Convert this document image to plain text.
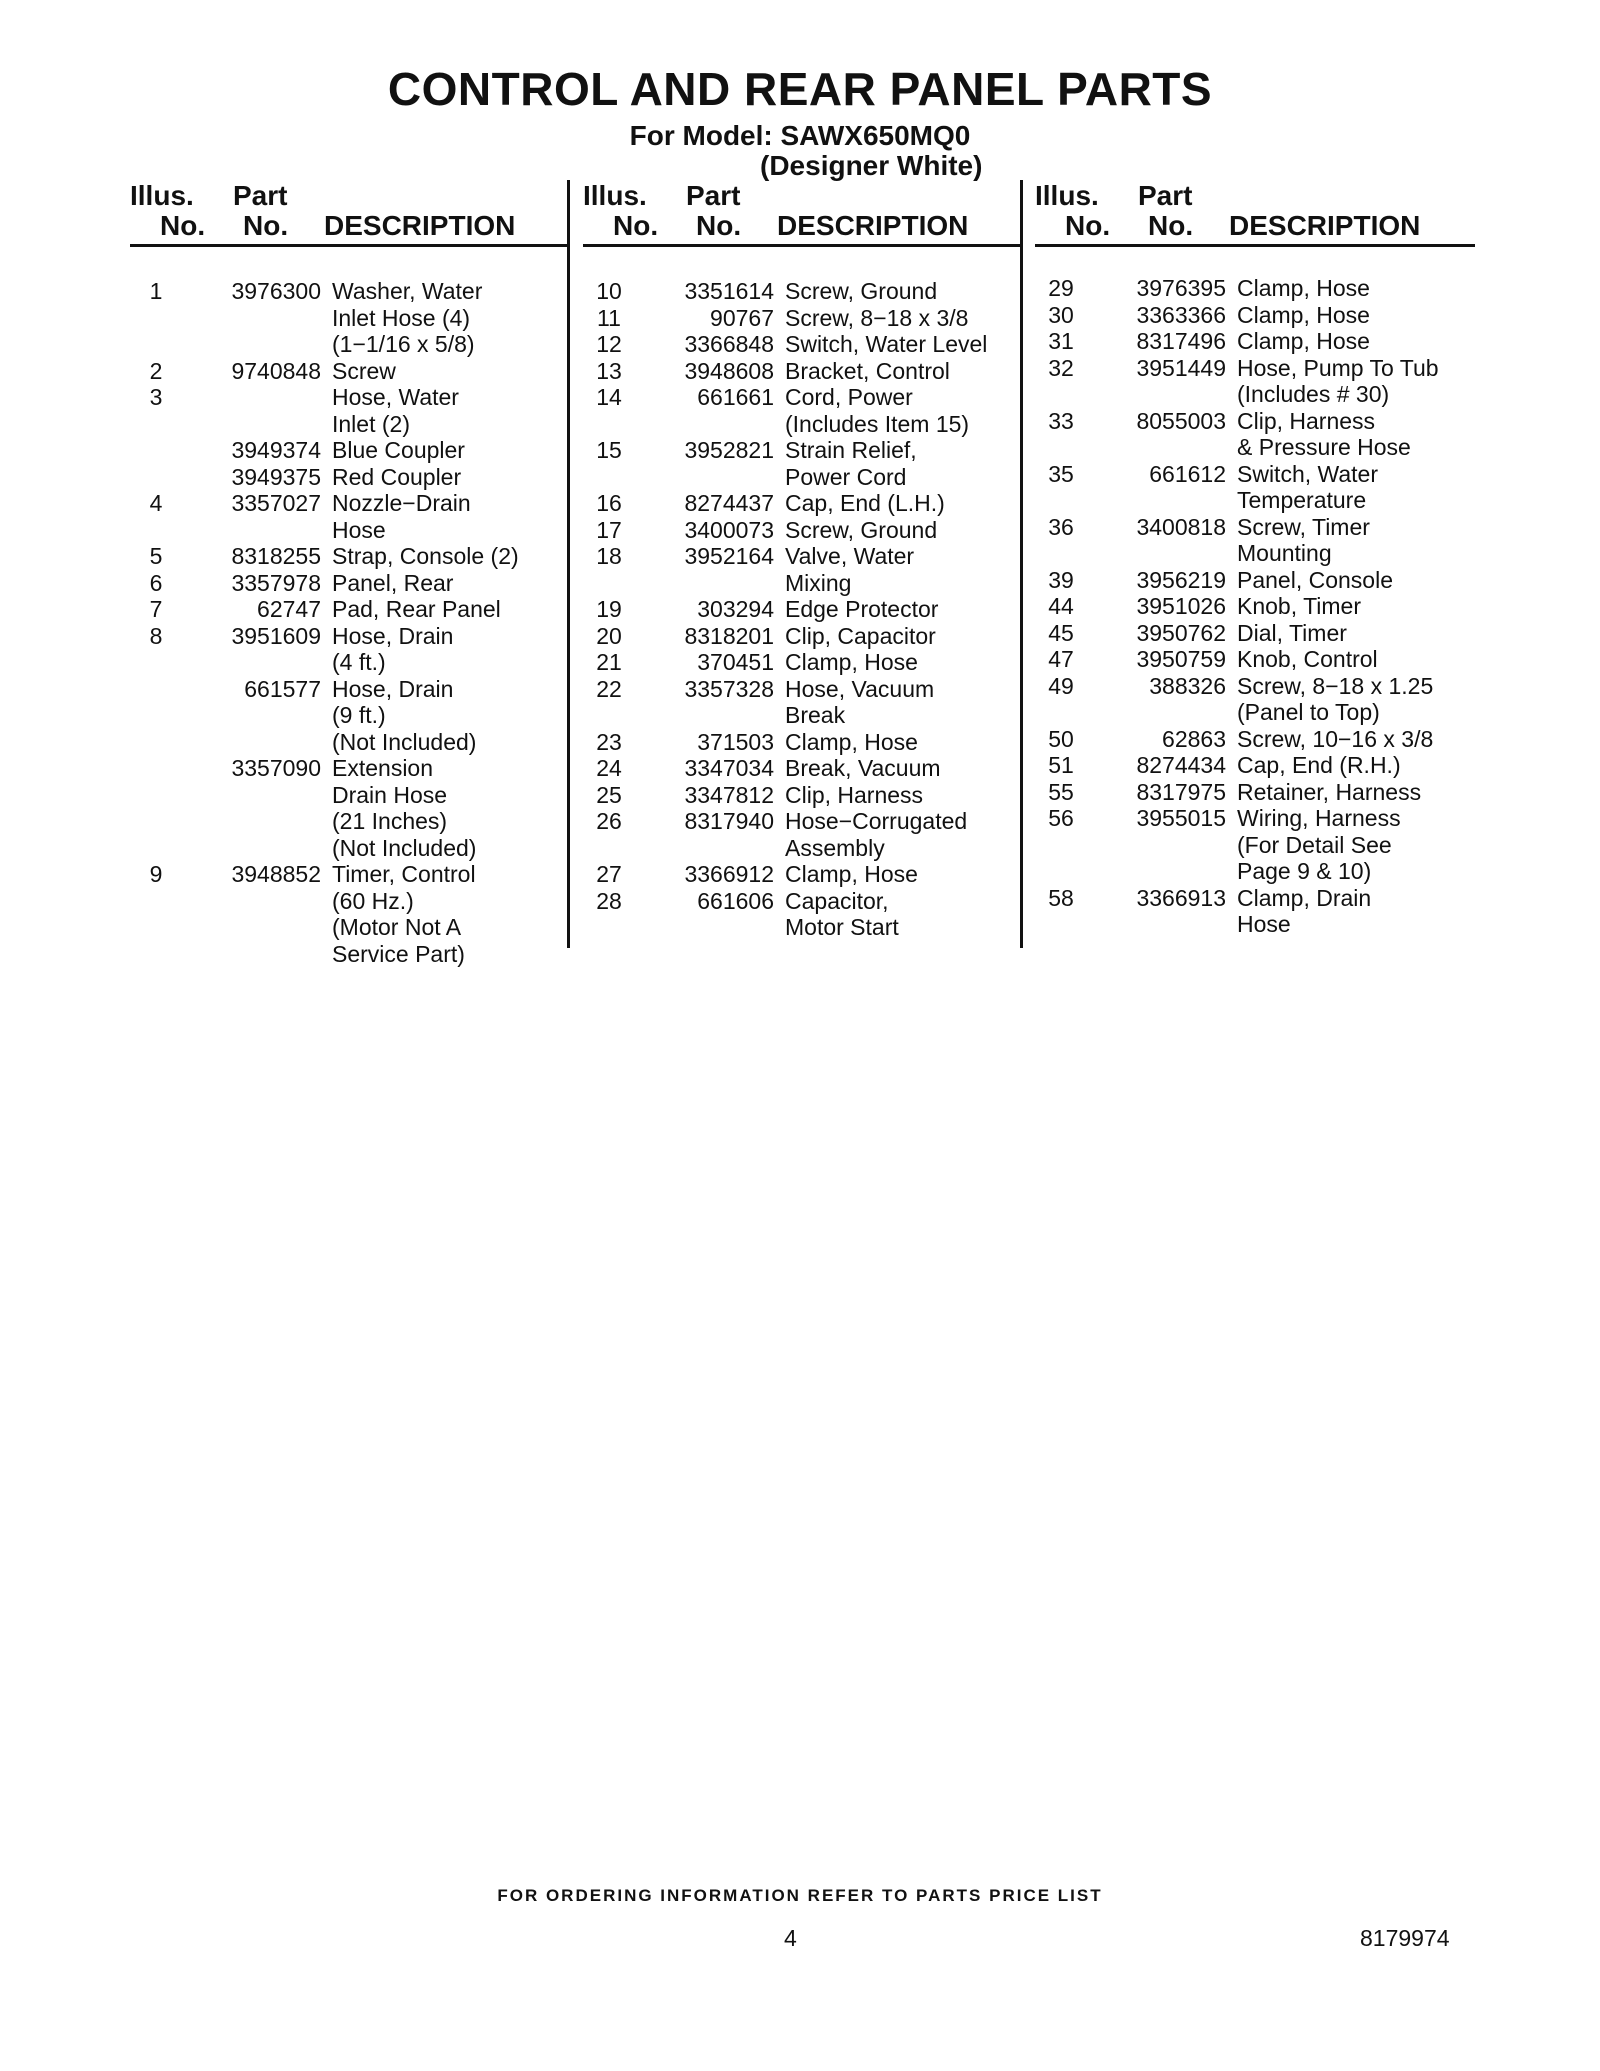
CONTROL AND REAR PANEL PARTS
For Model: SAWX650MQ0
(Designer White)
Illus. Part
No. No. DESCRIPTION
1	3976300 Washer, Water
Inlet Hose (4)
(1−1/16 x 5/8)
2	9740848 Screw
3	Hose, Water
Inlet (2)
3949374 Blue Coupler
3949375 Red Coupler
4	3357027 Nozzle−Drain
Hose
5	8318255 Strap, Console (2)
6	3357978 Panel, Rear
7	62747 Pad, Rear Panel
8	3951609 Hose, Drain
(4 ft.)
661577 Hose, Drain
(9 ft.)
(Not Included)
3357090 Extension
Drain Hose
(21 Inches)
(Not Included)
9	3948852 Timer, Control
(60 Hz.)
(Motor Not A
Service Part)
Illus. Part
No. No. DESCRIPTION
10	3351614 Screw, Ground
11	90767 Screw, 8−18 x 3/8
12	3366848 Switch, Water Level
13	3948608 Bracket, Control
14	661661 Cord, Power
(Includes Item 15)
15	3952821 Strain Relief,
Power Cord
16	8274437 Cap, End (L.H.)
17	3400073 Screw, Ground
18	3952164 Valve, Water
Mixing
19	303294 Edge Protector
20	8318201 Clip, Capacitor
21	370451 Clamp, Hose
22	3357328 Hose, Vacuum
Break
23	371503 Clamp, Hose
24	3347034 Break, Vacuum
25	3347812 Clip, Harness
26	8317940 Hose−Corrugated
Assembly
27	3366912 Clamp, Hose
28	661606 Capacitor,
Motor Start
Illus. Part
No. No. DESCRIPTION
29	3976395 Clamp, Hose
30	3363366 Clamp, Hose
31	8317496 Clamp, Hose
32	3951449 Hose, Pump To Tub
(Includes # 30)
33	8055003 Clip, Harness
& Pressure Hose
35	661612 Switch, Water
Temperature
36	3400818 Screw, Timer
Mounting
39	3956219 Panel, Console
44	3951026 Knob, Timer
45	3950762 Dial, Timer
47	3950759 Knob, Control
49	388326 Screw, 8−18 x 1.25
(Panel to Top)
50	62863 Screw, 10−16 x 3/8
51	8274434 Cap, End (R.H.)
55	8317975 Retainer, Harness
56	3955015 Wiring, Harness
(For Detail See
Page 9 & 10)
58	3366913 Clamp, Drain
Hose
FOR ORDERING INFORMATION REFER TO PARTS PRICE LIST
4	8179974
